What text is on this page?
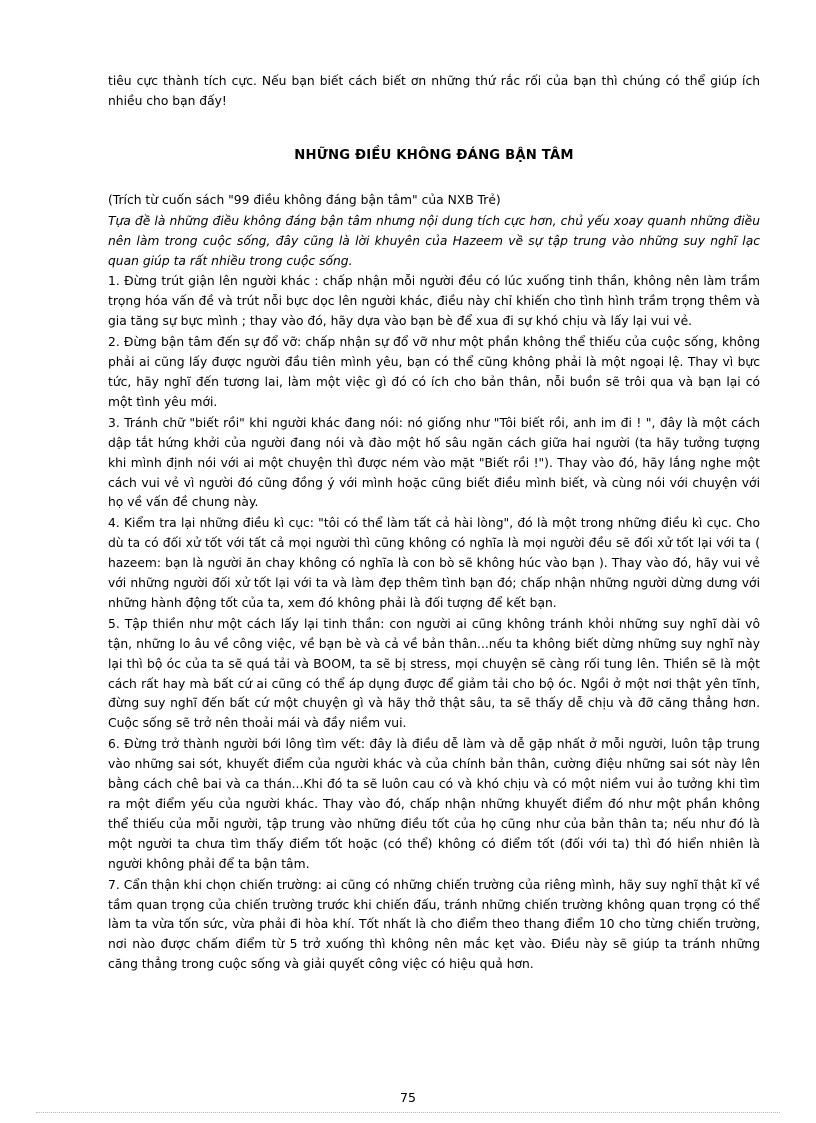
tiêu cực thành tích cực. Nếu bạn biết cách biết ơn những thứ rắc rối của bạn thì chúng có thể giúp ích nhiều cho bạn đấy!

NHỮNG ĐIỀU KHÔNG ĐÁNG BẬN TÂM

(Trích từ cuốn sách "99 điều không đáng bận tâm" của NXB Trẻ)

Tựa đề là những điều không đáng bận tâm nhưng nội dung tích cực hơn, chủ yếu xoay quanh những điều nên làm trong cuộc sống, đây cũng là lời khuyên của Hazeem về sự tập trung vào những suy nghĩ lạc quan giúp ta rất nhiều trong cuộc sống.

1. Đừng trút giận lên người khác : chấp nhận mỗi người đều có lúc xuống tinh thần, không nên làm trầm trọng hóa vấn đề và trút nỗi bực dọc lên người khác, điều này chỉ khiến cho tình hình trầm trọng thêm và gia tăng sự bực mình ; thay vào đó, hãy dựa vào bạn bè để xua đi sự khó chịu và lấy lại vui vẻ.

2. Đừng bận tâm đến sự đổ vỡ: chấp nhận sự đổ vỡ như một phần không thể thiếu của cuộc sống, không phải ai cũng lấy được người đầu tiên mình yêu, bạn có thể cũng không phải là một ngoại lệ. Thay vì bực tức, hãy nghĩ đến tương lai, làm một việc gì đó có ích cho bản thân, nỗi buồn sẽ trôi qua và bạn lại có một tình yêu mới.

3. Tránh chữ "biết rồi" khi người khác đang nói: nó giống như "Tôi biết rồi, anh im đi ! ", đây là một cách dập tắt hứng khởi của người đang nói và đào một hố sâu ngăn cách giữa hai người (ta hãy tưởng tượng khi mình định nói với ai một chuyện thì được ném vào mặt "Biết rồi !"). Thay vào đó, hãy lắng nghe một cách vui vẻ vì người đó cũng đồng ý với mình hoặc cũng biết điều mình biết, và cùng nói với chuyện với họ về vấn đề chung này.

4. Kiểm tra lại những điều kì cục: "tôi có thể làm tất cả hài lòng", đó là một trong những điều kì cục. Cho dù ta có đối xử tốt với tất cả mọi người thì cũng không có nghĩa là mọi người đều sẽ đối xử tốt lại với ta ( hazeem: bạn là người ăn chay không có nghĩa là con bò sẽ không húc vào bạn ). Thay vào đó, hãy vui vẻ với những người đối xử tốt lại với ta và làm đẹp thêm tình bạn đó; chấp nhận những người dừng dưng với những hành động tốt của ta, xem đó không phải là đối tượng để kết bạn.

5. Tập thiền như một cách lấy lại tinh thần: con người ai cũng không tránh khỏi những suy nghĩ dài vô tận, những lo âu về công việc, về bạn bè và cả về bản thân...nếu ta không biết dừng những suy nghĩ này lại thì bộ óc của ta sẽ quá tải và BOOM, ta sẽ bị stress, mọi chuyện sẽ càng rối tung lên. Thiền sẽ là một cách rất hay mà bất cứ ai cũng có thể áp dụng được để giảm tải cho bộ óc. Ngồi ở một nơi thật yên tĩnh, đừng suy nghĩ đến bất cứ một chuyện gì và hãy thở thật sâu, ta sẽ thấy dễ chịu và đỡ căng thẳng hơn. Cuộc sống sẽ trở nên thoải mái và đầy niềm vui.

6. Đừng trở thành người bới lông tìm vết: đây là điều dễ làm và dễ gặp nhất ở mỗi người, luôn tập trung vào những sai sót, khuyết điểm của người khác và của chính bản thân, cường điệu những sai sót này lên bằng cách chê bai và ca thán...Khi đó ta sẽ luôn cau có và khó chịu và có một niềm vui ảo tưởng khi tìm ra một điểm yếu của người khác. Thay vào đó, chấp nhận những khuyết điểm đó như một phần không thể thiếu của mỗi người, tập trung vào những điều tốt của họ cũng như của bản thân ta; nếu như đó là một người ta chưa tìm thấy điểm tốt hoặc (có thể) không có điểm tốt (đối với ta) thì đó hiển nhiên là người không phải để ta bận tâm.

7. Cẩn thận khi chọn chiến trường: ai cũng có những chiến trường của riêng mình, hãy suy nghĩ thật kĩ về tầm quan trọng của chiến trường trước khi chiến đấu, tránh những chiến trường không quan trọng có thể làm ta vừa tốn sức, vừa phải đi hòa khí. Tốt nhất là cho điểm theo thang điểm 10 cho từng chiến trường, nơi nào được chấm điểm từ 5 trở xuống thì không nên mắc kẹt vào. Điều này sẽ giúp ta tránh những căng thẳng trong cuộc sống và giải quyết công việc có hiệu quả hơn.

75
